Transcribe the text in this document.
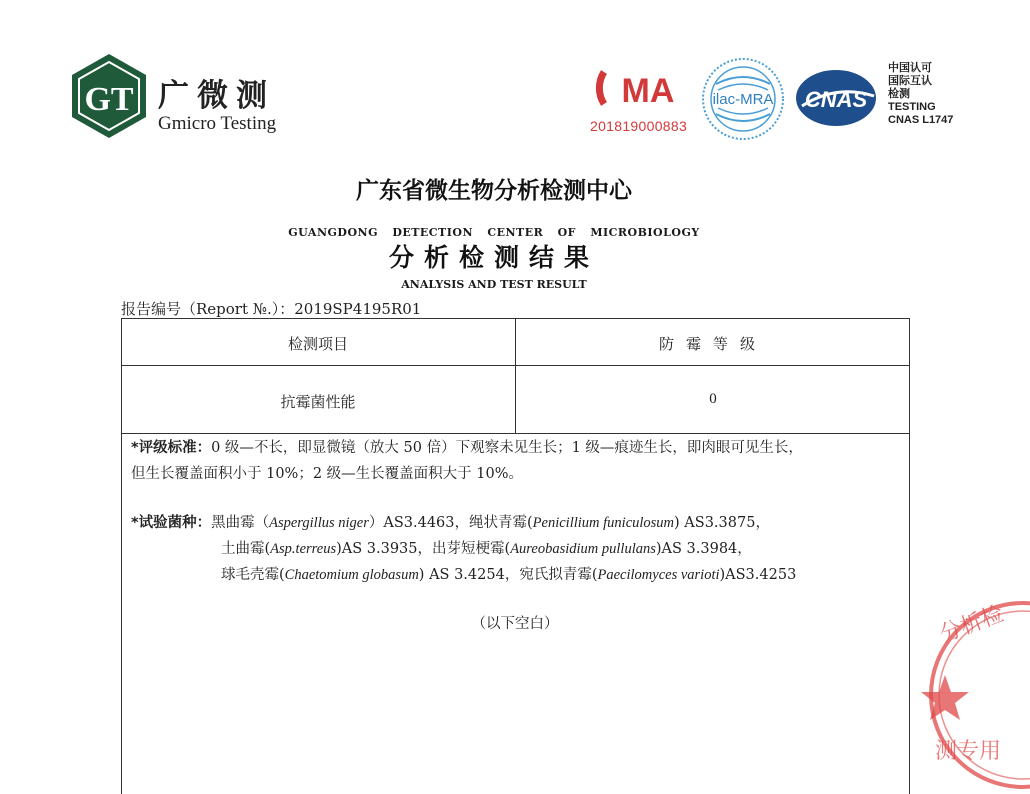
GT 广微测
Gmicro Testing
MA
201819000883
ilac-MRA CNAS
中国认可
国际互认
检测
TESTING
CNAS L1747
广东省微生物分析检测中心
GUANGDONG DETECTION CENTER OF MICROBIOLOGY
分析检测结果
ANALYSIS AND TEST RESULT
报告编号（Report №.）：2019SP4195R01
检测项目	防霉等级
抗霉菌性能	0
*评级标准：0 级—不长，即显微镜（放大 50 倍）下观察未见生长；1 级—痕迹生长，即肉眼可见生长，
但生长覆盖面积小于 10%；2 级—生长覆盖面积大于 10%。
*试验菌种：黑曲霉（Aspergillus niger）AS3.4463，绳状青霉(Penicillium funiculosum) AS3.3875，

土曲霉(Asp.terreus)AS 3.3935，出芽短梗霉(Aureobasidium pullulans)AS 3.3984，
球毛壳霉(Chaetomium globasum) AS 3.4254，宛氏拟青霉(Paecilomyces varioti)AS3.4253
（以下空白）	分析检
测专用
